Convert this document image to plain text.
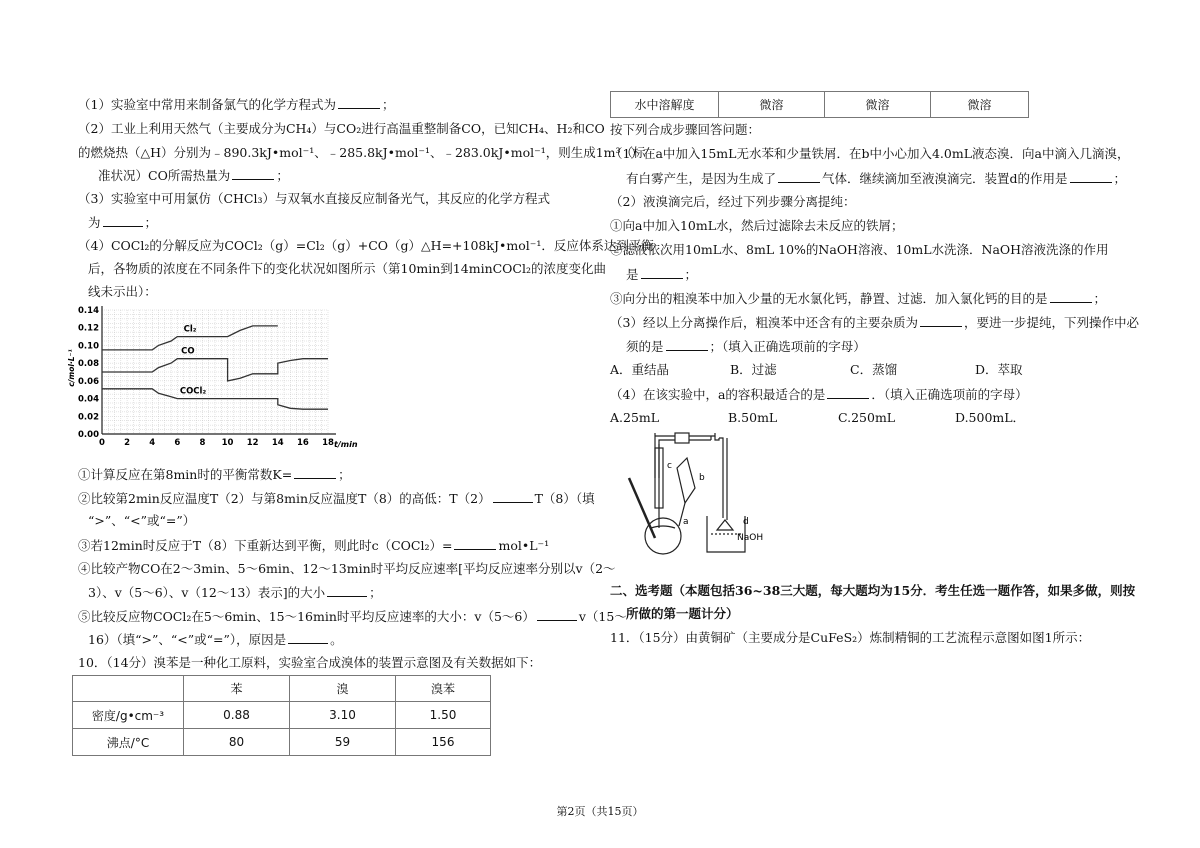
（1）实验室中常用来制备氯气的化学方程式为	；
（2）工业上利用天然气（主要成分为CH₄）与CO₂进行高温重整制备CO，已知CH₄、H₂和CO
的燃烧热（△H）分别为﹣890.3kJ•mol⁻¹、﹣285.8kJ•mol⁻¹、﹣283.0kJ•mol⁻¹，则生成1m³（标
准状况）CO所需热量为	；
（3）实验室中可用氯仿（CHCl₃）与双氧水直接反应制备光气，其反应的化学方程式
为	；
（4）COCl₂的分解反应为COCl₂（g）=Cl₂（g）+CO（g）△H=+108kJ•mol⁻¹．反应体系达到平衡
后，各物质的浓度在不同条件下的变化状况如图所示（第10min到14minCOCl₂的浓度变化曲
线未示出）：
0 2 4 6 8 10 12 14 16 18
0.00
0.02
0.04
0.06
0.08
0.10
0.12
0.14
t/min
c/mol·L⁻¹
Cl₂
CO
COCl₂
①计算反应在第8min时的平衡常数K=	；
②比较第2min反应温度T（2）与第8min反应温度T（8）的高低：T（2）	T（8）（填
“>”、“<”或“=”）
③若12min时反应于T（8）下重新达到平衡，则此时c（COCl₂）=	mol•L⁻¹
④比较产物CO在2～3min、5～6min、12～13min时平均反应速率[平均反应速率分别以v（2～
3）、v（5～6）、v（12～13）表示]的大小	；
⑤比较反应物COCl₂在5～6min、15～16min时平均反应速率的大小：v（5～6）	v（15～
16）（填“>”、“<”或“=”），原因是	。
10．（14分）溴苯是一种化工原料，实验室合成溴体的装置示意图及有关数据如下：
	苯	溴	溴苯
密度/g•cm⁻³	0.88	3.10	1.50
沸点/°C	80	59	156
水中溶解度	微溶	微溶	微溶
按下列合成步骤回答问题：
（1）在a中加入15mL无水苯和少量铁屑．在b中小心加入4.0mL液态溴．向a中滴入几滴溴，
有白雾产生，是因为生成了	气体．继续滴加至液溴滴完．装置d的作用是	；
（2）液溴滴完后，经过下列步骤分离提纯：
①向a中加入10mL水，然后过滤除去未反应的铁屑；
②滤液依次用10mL水、8mL 10%的NaOH溶液、10mL水洗涤．NaOH溶液洗涤的作用
是	；
③向分出的粗溴苯中加入少量的无水氯化钙，静置、过滤．加入氯化钙的目的是	；
（3）经以上分离操作后，粗溴苯中还含有的主要杂质为	，要进一步提纯，下列操作中必
须的是	；（填入正确选项前的字母）
A．重结晶	B．过滤	C．蒸馏	D．萃取
（4）在该实验中，a的容积最适合的是	．（填入正确选项前的字母）
A.25mL	B.50mL	C.250mL	D.500mL．
c
b
a	d
NaOH
二、选考题（本题包括36~38三大题，每大题均为15分．考生任选一题作答，如果多做，则按
所做的第一题计分）
11．（15分）由黄铜矿（主要成分是CuFeS₂）炼制精铜的工艺流程示意图如图1所示：
第2页（共15页）
